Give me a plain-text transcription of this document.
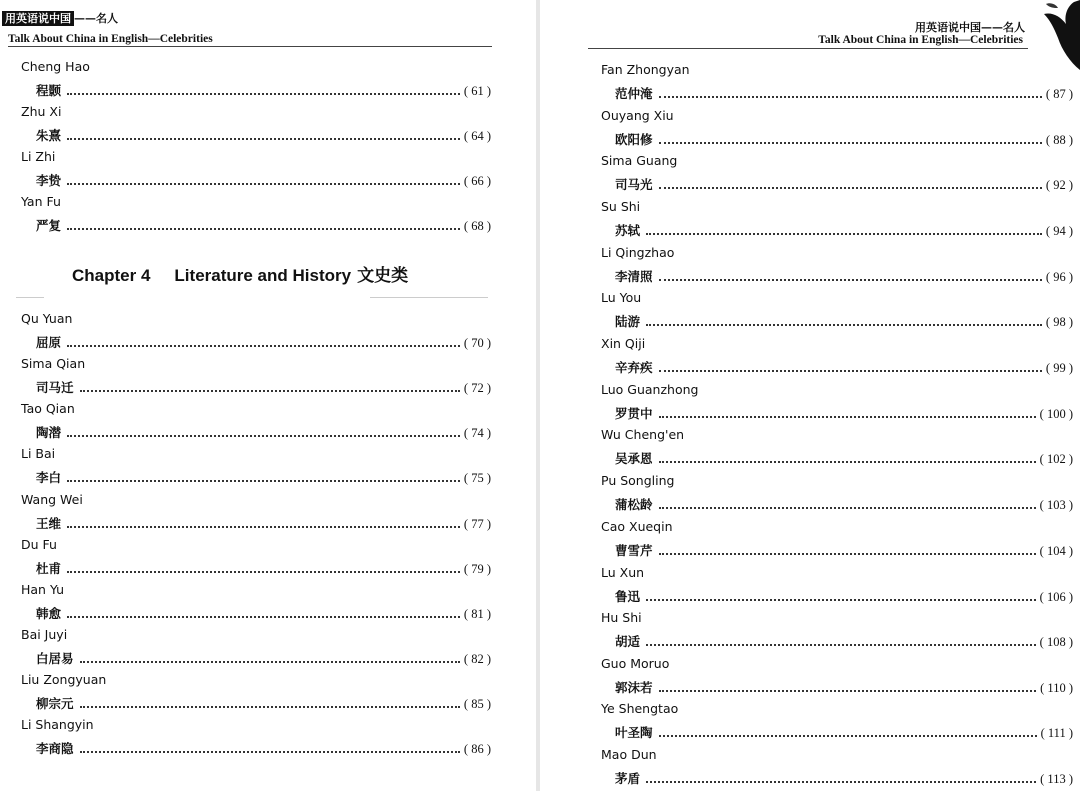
用英语说中国 ——名人
Talk About China in English—Celebrities
Chapter 4 Literature and History 文史类
Cheng Hao
程颢	( 61 )
Zhu Xi
朱熹	( 64 )
Li Zhi
李贽	( 66 )
Yan Fu
严复	( 68 )
Qu Yuan
屈原	( 70 )
Sima Qian
司马迁	( 72 )
Tao Qian
陶潜	( 74 )
Li Bai
李白	( 75 )
Wang Wei
王维	( 77 )
Du Fu
杜甫	( 79 )
Han Yu
韩愈	( 81 )
Bai Juyi
白居易	( 82 )
Liu Zongyuan
柳宗元	( 85 )
Li Shangyin
李商隐	( 86 )
用英语说中国——名人
Talk About China in English—Celebrities
Fan Zhongyan
范仲淹	( 87 )
Ouyang Xiu
欧阳修	( 88 )
Sima Guang
司马光	( 92 )
Su Shi
苏轼	( 94 )
Li Qingzhao
李清照	( 96 )
Lu You
陆游	( 98 )
Xin Qiji
辛弃疾	( 99 )
Luo Guanzhong
罗贯中	( 100 )
Wu Cheng'en
吴承恩	( 102 )
Pu Songling
蒲松龄	( 103 )
Cao Xueqin
曹雪芹	( 104 )
Lu Xun
鲁迅	( 106 )
Hu Shi
胡适	( 108 )
Guo Moruo
郭沫若	( 110 )
Ye Shengtao
叶圣陶	( 111 )
Mao Dun
茅盾	( 113 )
